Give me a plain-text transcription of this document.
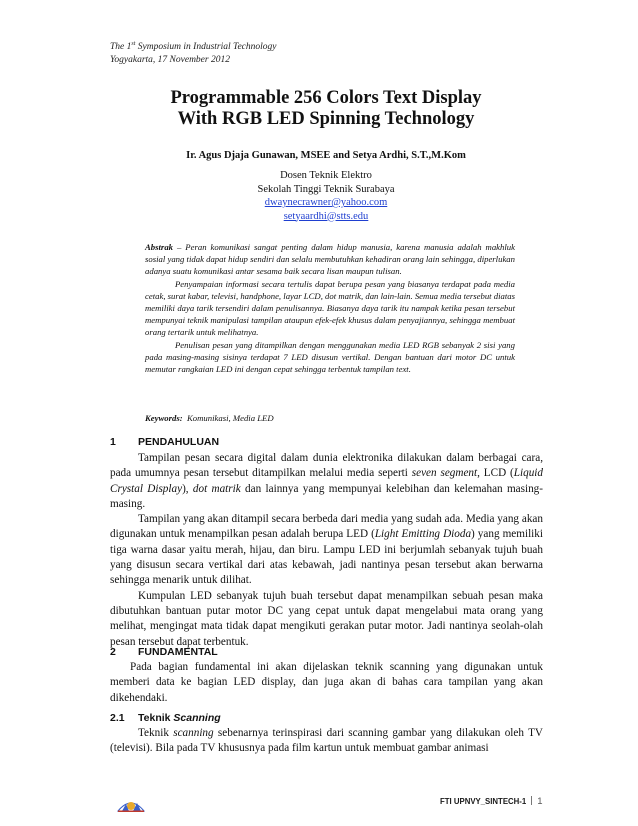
The 1st Symposium in Industrial Technology
Yogyakarta, 17 November 2012
Programmable 256 Colors Text Display
With RGB LED Spinning Technology
Ir. Agus Djaja Gunawan, MSEE and Setya Ardhi, S.T.,M.Kom
Dosen Teknik Elektro
Sekolah Tinggi Teknik Surabaya
dwaynecrawner@yahoo.com
setyaardhi@stts.edu

Abstrak – Peran komunikasi sangat penting dalam hidup manusia, karena manusia adalah makhluk sosial yang tidak dapat hidup sendiri dan selalu membutuhkan kehadiran orang lain sehingga, diperlukan adanya suatu komunikasi antar sesama baik secara lisan maupun tulisan.

Penyampaian informasi secara tertulis dapat berupa pesan yang biasanya terdapat pada media cetak, surat kabar, televisi, handphone, layar LCD, dot matrik, dan lain-lain. Semua media tersebut diatas memiliki daya tarik tersendiri dalam penulisannya. Biasanya daya tarik itu nampak ketika pesan tersebut mempunyai teknik manipulasi tampilan ataupun efek-efek khusus dalam penyajiannya, sehingga membuat orang tertarik untuk melihatnya.

Penulisan pesan yang ditampilkan dengan menggunakan media LED RGB sebanyak 2 sisi yang pada masing-masing sisinya terdapat 7 LED disusun vertikal. Dengan bantuan dari motor DC untuk memutar rangkaian LED ini dengan cepat sehingga terbentuk tampilan text.

Keywords: Komunikasi, Media LED
1 PENDAHULUAN

Tampilan pesan secara digital dalam dunia elektronika dilakukan dalam berbagai cara, pada umumnya pesan tersebut ditampilkan melalui media seperti seven segment, LCD (Liquid Crystal Display), dot matrik dan lainnya yang mempunyai kelebihan dan kelemahan masing-masing.

Tampilan yang akan ditampil secara berbeda dari media yang sudah ada. Media yang akan digunakan untuk menampilkan pesan adalah berupa LED (Light Emitting Dioda) yang memiliki tiga warna dasar yaitu merah, hijau, dan biru. Lampu LED ini berjumlah sebanyak tujuh buah yang disusun secara vertikal dari atas kebawah, jadi nantinya pesan tersebut akan berwarna sehingga menarik untuk dilihat.

Kumpulan LED sebanyak tujuh buah tersebut dapat menampilkan sebuah pesan maka dibutuhkan bantuan putar motor DC yang cepat untuk dapat mengelabui mata orang yang melihat, mengingat mata tidak dapat mengikuti gerakan putar motor. Jadi nantinya seolah-olah pesan tersebut dapat terbentuk.

2 FUNDAMENTAL

Pada bagian fundamental ini akan dijelaskan teknik scanning yang digunakan untuk memberi data ke bagian LED display, dan juga akan di bahas cara tampilan yang akan dikehendaki.

2.1 Teknik Scanning

Teknik scanning sebenarnya terinspirasi dari scanning gambar yang dilakukan oleh TV (televisi). Bila pada TV khususnya pada film kartun untuk membuat gambar animasi

FTI UPNVY_SINTECH-1 1
